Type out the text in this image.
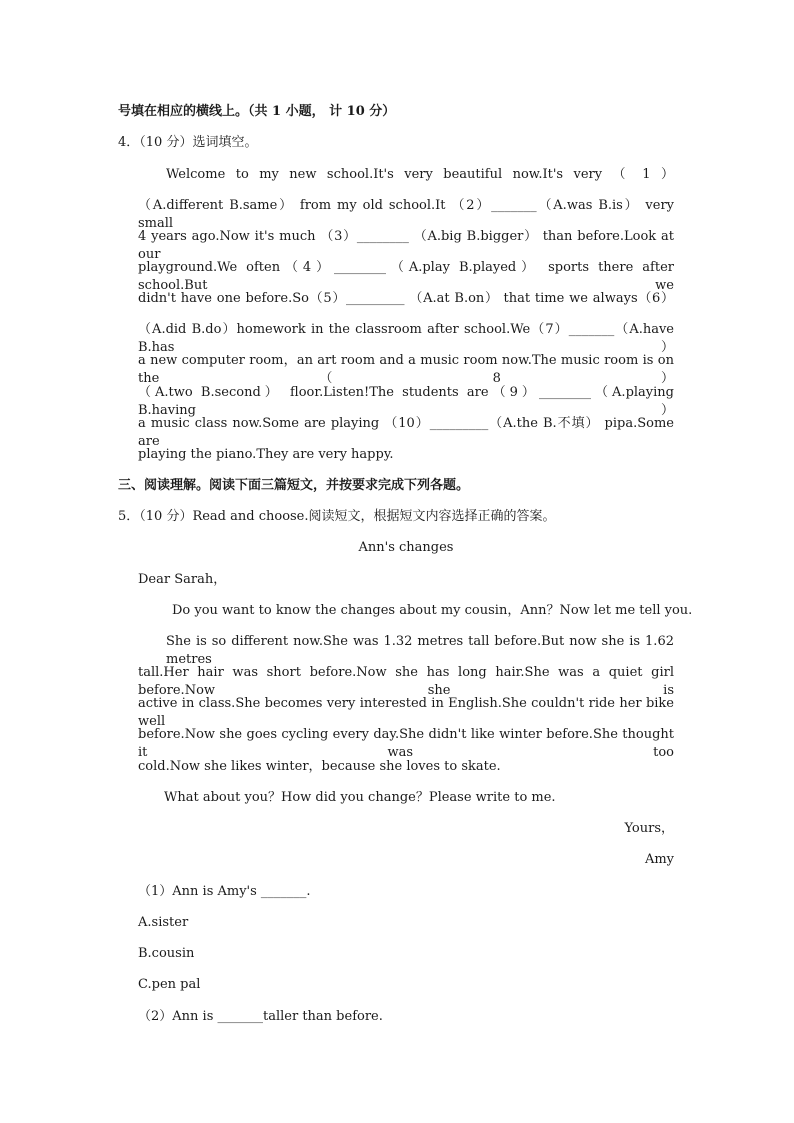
号填在相应的横线上。（共 1 小题， 计 10 分）
4．（10 分）选词填空。
Welcome to my new school.It's very beautiful now.It's very （ 1 ）
（A.different B.same） from my old school.It （2）_______（A.was B.is） very small
4 years ago.Now it's much （3）________ （A.big B.bigger） than before.Look at our
playground.We often（4）________（A.play B.played） sports there after school.But we
didn't have one before.So（5）_________ （A.at B.on） that time we always（6）
（A.did B.do）homework in the classroom after school.We（7）_______（A.have B.has）
a new computer room，an art room and a music room now.The music room is on the（8）
（A.two B.second） floor.Listen!The students are（9）________（A.playing B.having）
a music class now.Some are playing （10）_________（A.the B.不填） pipa.Some are
playing the piano.They are very happy.
三、阅读理解。阅读下面三篇短文，并按要求完成下列各题。
5．（10 分）Read and choose.阅读短文，根据短文内容选择正确的答案。
Ann's changes
Dear Sarah，
Do you want to know the changes about my cousin，Ann？Now let me tell you.
She is so different now.She was 1.32 metres tall before.But now she is 1.62 metres
tall.Her hair was short before.Now she has long hair.She was a quiet girl before.Now she is
active in class.She becomes very interested in English.She couldn't ride her bike well
before.Now she goes cycling every day.She didn't like winter before.She thought it was too
cold.Now she likes winter，because she loves to skate.
What about you？How did you change？Please write to me.
Yours，
Amy
（1）Ann is Amy's _______.
A.sister
B.cousin
C.pen pal
（2）Ann is _______taller than before.
